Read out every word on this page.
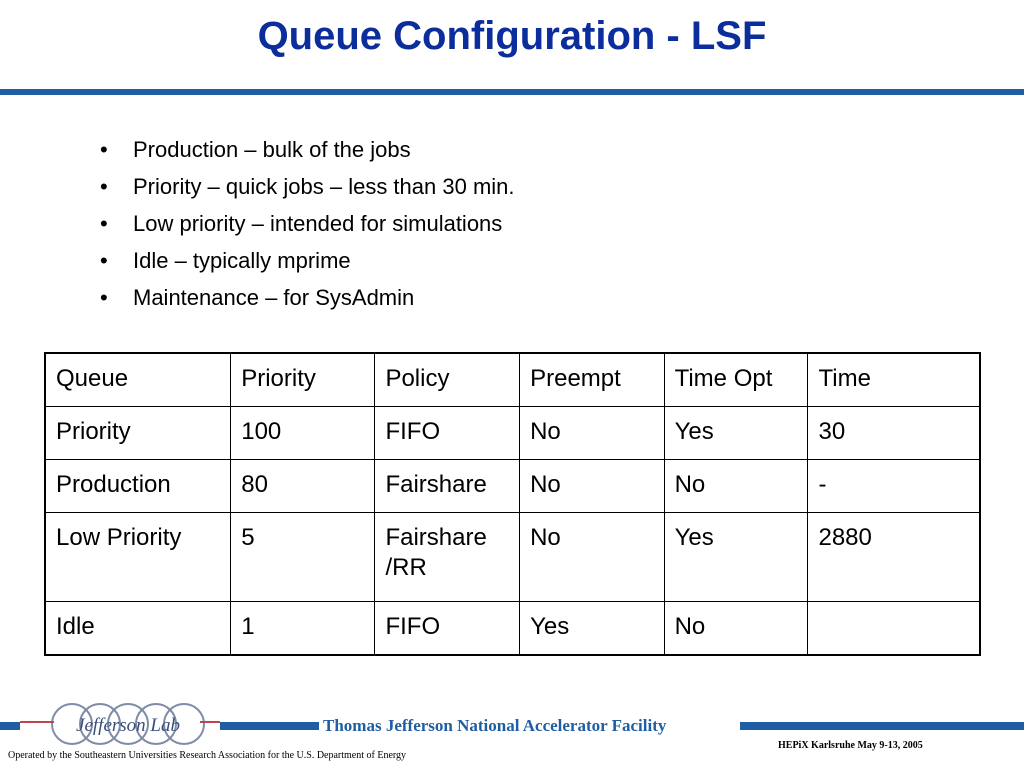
Queue Configuration - LSF
• Production – bulk of the jobs
• Priority – quick jobs – less than 30 min.
• Low priority – intended for simulations
• Idle – typically mprime
• Maintenance – for SysAdmin
Queue	Priority	Policy	Preempt	Time Opt	Time
Priority	100	FIFO	No	Yes	30
Production	80	Fairshare	No	No	-
Low Priority	5	Fairshare /RR	No	Yes	2880
Idle	1	FIFO	Yes	No	
Jefferson Lab	Thomas Jefferson National Accelerator Facility
Operated by the Southeastern Universities Research Association for the U.S. Department of Energy
HEPiX Karlsruhe May 9-13, 2005
